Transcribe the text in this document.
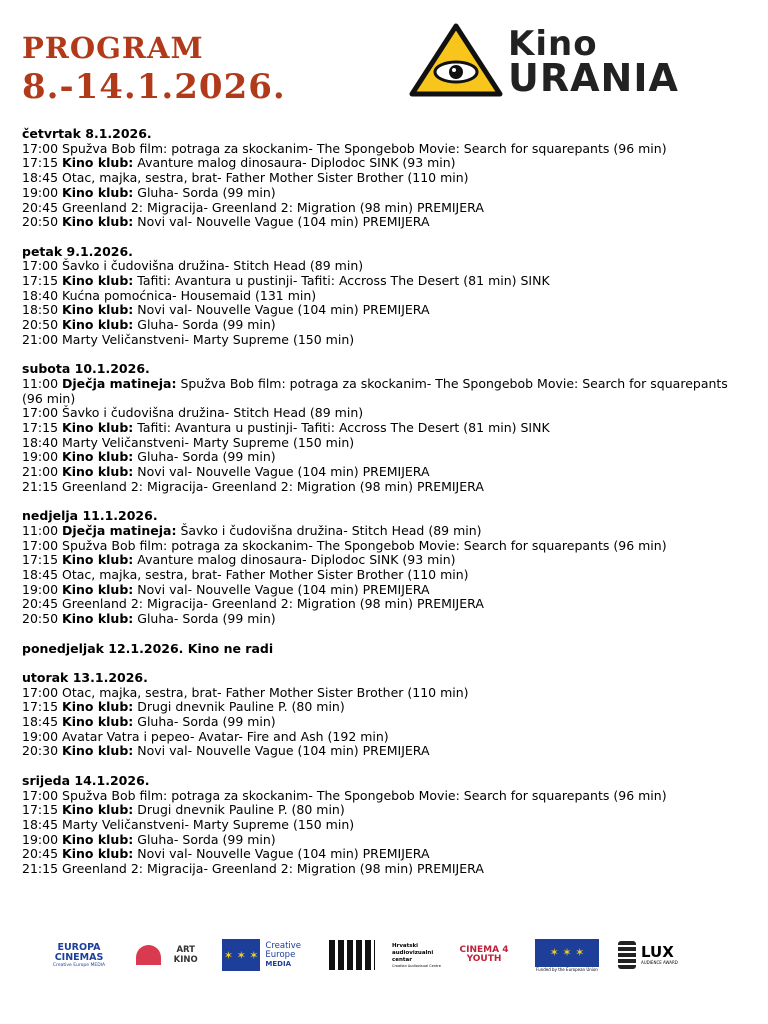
PROGRAM
8.-14.1.2026.
Kino
URANIA
četvrtak 8.1.2026.
17:00 Spužva Bob film: potraga za skockanim- The Spongebob Movie: Search for squarepants (96 min)
17:15 Kino klub: Avanture malog dinosaura- Diplodoc SINK (93 min)
18:45 Otac, majka, sestra, brat- Father Mother Sister Brother (110 min)
19:00 Kino klub: Gluha- Sorda (99 min)
20:45 Greenland 2: Migracija- Greenland 2: Migration (98 min) PREMIJERA
20:50 Kino klub: Novi val- Nouvelle Vague (104 min) PREMIJERA
petak 9.1.2026.
17:00 Šavko i čudovišna družina- Stitch Head (89 min)
17:15 Kino klub: Tafiti: Avantura u pustinji- Tafiti: Accross The Desert (81 min) SINK
18:40 Kućna pomoćnica- Housemaid (131 min)
18:50 Kino klub: Novi val- Nouvelle Vague (104 min) PREMIJERA
20:50 Kino klub: Gluha- Sorda (99 min)
21:00 Marty Veličanstveni- Marty Supreme (150 min)
subota 10.1.2026.
11:00 Dječja matineja: Spužva Bob film: potraga za skockanim- The Spongebob Movie: Search for squarepants (96 min)
17:00 Šavko i čudovišna družina- Stitch Head (89 min)
17:15 Kino klub: Tafiti: Avantura u pustinji- Tafiti: Accross The Desert (81 min) SINK
18:40 Marty Veličanstveni- Marty Supreme (150 min)
19:00 Kino klub: Gluha- Sorda (99 min)
21:00 Kino klub: Novi val- Nouvelle Vague (104 min) PREMIJERA
21:15 Greenland 2: Migracija- Greenland 2: Migration (98 min) PREMIJERA
nedjelja 11.1.2026.
11:00 Dječja matineja: Šavko i čudovišna družina- Stitch Head (89 min)
17:00 Spužva Bob film: potraga za skockanim- The Spongebob Movie: Search for squarepants (96 min)
17:15 Kino klub: Avanture malog dinosaura- Diplodoc SINK (93 min)
18:45 Otac, majka, sestra, brat- Father Mother Sister Brother (110 min)
19:00 Kino klub: Novi val- Nouvelle Vague (104 min) PREMIJERA
20:45 Greenland 2: Migracija- Greenland 2: Migration (98 min) PREMIJERA
20:50 Kino klub: Gluha- Sorda (99 min)
ponedjeljak 12.1.2026. Kino ne radi
utorak 13.1.2026.
17:00 Otac, majka, sestra, brat- Father Mother Sister Brother (110 min)
17:15 Kino klub: Drugi dnevnik Pauline P. (80 min)
18:45 Kino klub: Gluha- Sorda (99 min)
19:00 Avatar Vatra i pepeo- Avatar- Fire and Ash (192 min)
20:30 Kino klub: Novi val- Nouvelle Vague (104 min) PREMIJERA
srijeda 14.1.2026.
17:00 Spužva Bob film: potraga za skockanim- The Spongebob Movie: Search for squarepants (96 min)
17:15 Kino klub: Drugi dnevnik Pauline P. (80 min)
18:45 Marty Veličanstveni- Marty Supreme (150 min)
19:00 Kino klub: Gluha- Sorda (99 min)
20:45 Kino klub: Novi val- Nouvelle Vague (104 min) PREMIJERA
21:15 Greenland 2: Migracija- Greenland 2: Migration (98 min) PREMIJERA
EUROPA CINEMAS
Creative Europe MEDIA
ART KINO	✶ ✶ ✶
Creative Europe
MEDIA
Hrvatski audiovizualni centar
Croatian Audiovisual Centre
CINEMA 4 YOUTH	✶ ✶ ✶
Funded by the European Union
LUX
AUDIENCE AWARD
